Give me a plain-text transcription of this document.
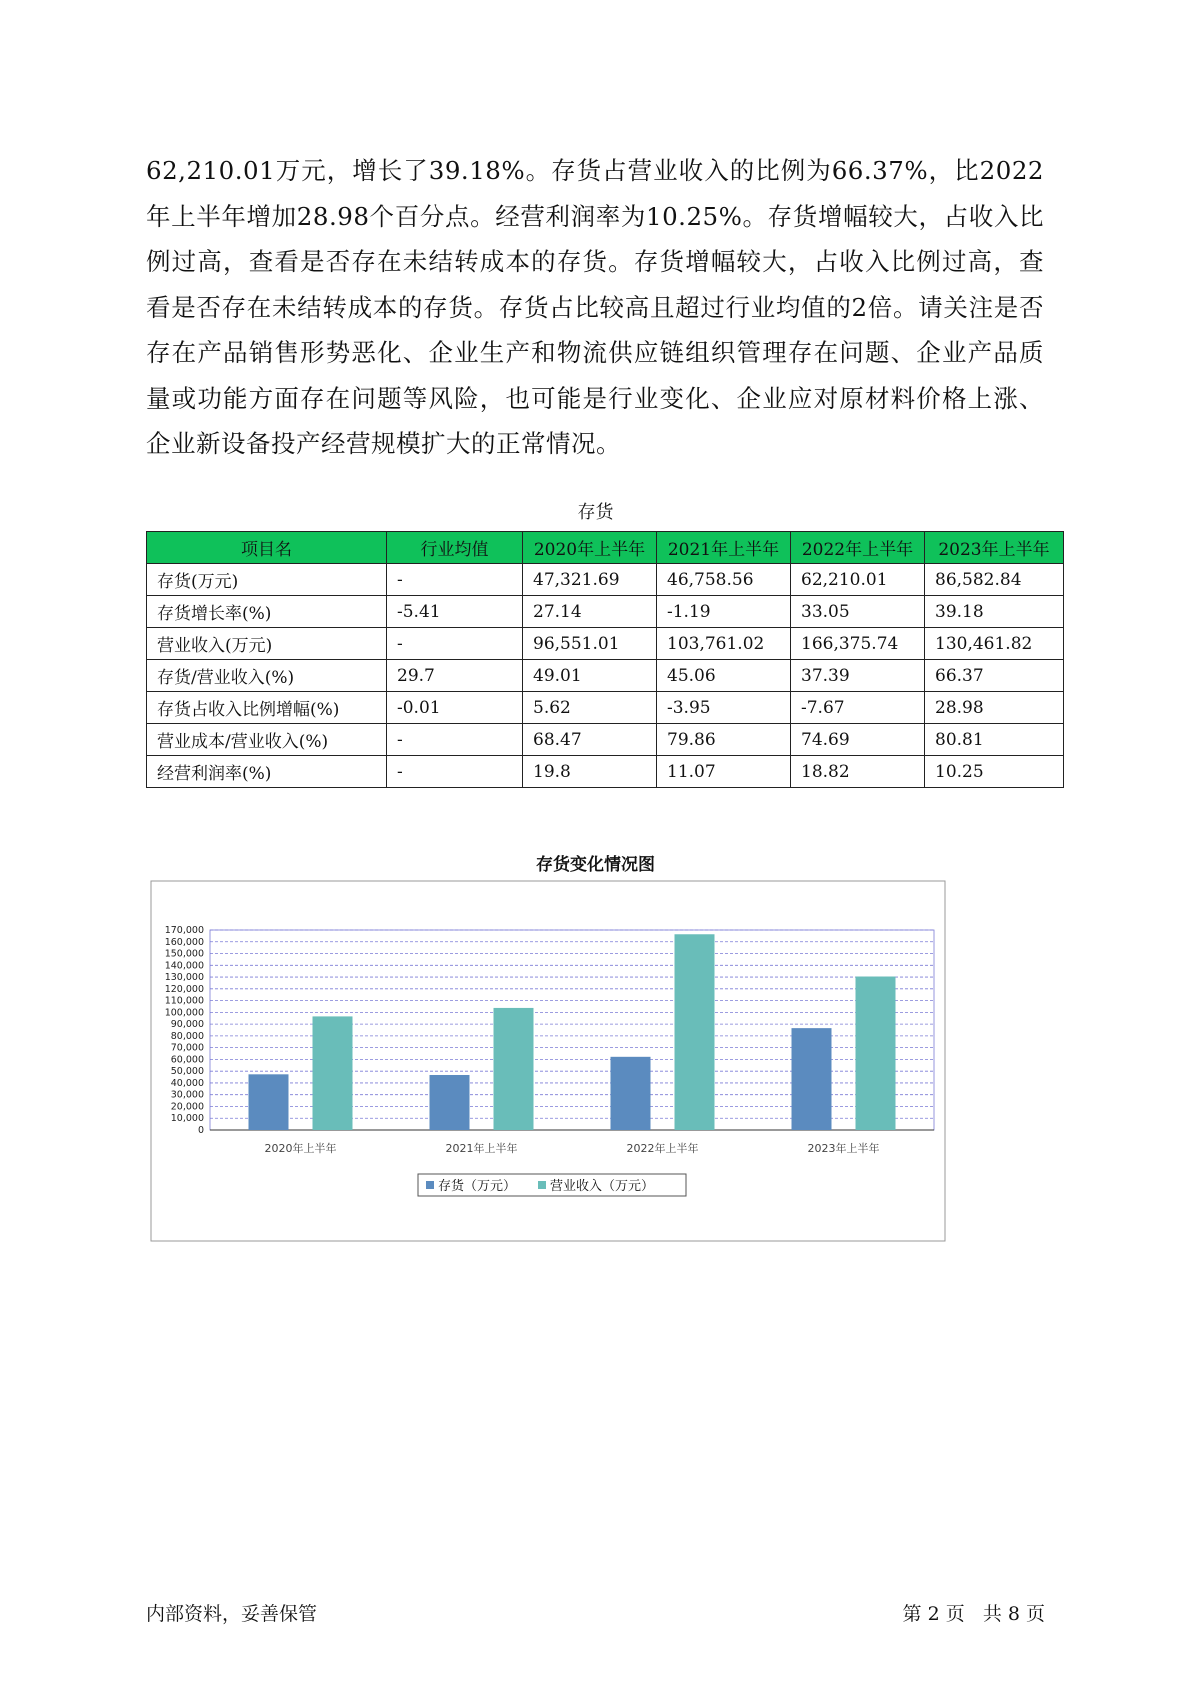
62,210.01万元，增长了39.18%。存货占营业收入的比例为66.37%，比2022年上半年增加28.98个百分点。经营利润率为10.25%。存货增幅较大，占收入比例过高，查看是否存在未结转成本的存货。存货增幅较大，占收入比例过高，查看是否存在未结转成本的存货。存货占比较高且超过行业均值的2倍。请关注是否存在产品销售形势恶化、企业生产和物流供应链组织管理存在问题、企业产品质量或功能方面存在问题等风险，也可能是行业变化、企业应对原材料价格上涨、企业新设备投产经营规模扩大的正常情况。

存货
项目名	行业均值	2020年上半年	2021年上半年	2022年上半年	2023年上半年
存货(万元)	-	47,321.69	46,758.56	62,210.01	86,582.84
存货增长率(%)	-5.41	27.14	-1.19	33.05	39.18
营业收入(万元)	-	96,551.01	103,761.02	166,375.74	130,461.82
存货/营业收入(%)	29.7	49.01	45.06	37.39	66.37
存货占收入比例增幅(%)	-0.01	5.62	-3.95	-7.67	28.98
营业成本/营业收入(%)	-	68.47	79.86	74.69	80.81
经营利润率(%)	-	19.8	11.07	18.82	10.25
存货变化情况图
0
10,000
20,000
30,000
40,000
50,000
60,000
70,000
80,000
90,000
100,000
110,000
120,000
130,000
140,000
150,000
160,000
170,000
2020年上半年	2021年上半年	2022年上半年	2023年上半年
存货（万元）	营业收入（万元）
内部资料，妥善保管	第 2 页   共 8 页
